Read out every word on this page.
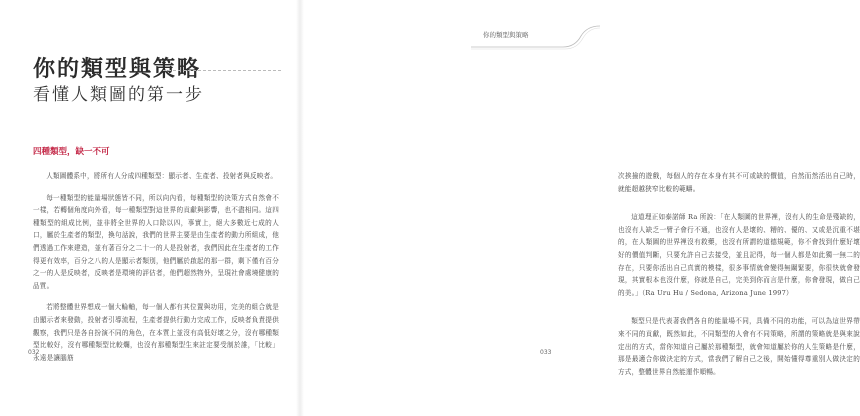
你的類型與策略
看懂人類圖的第一步
四種類型，缺一不可

人類圖體系中，將所有人分成四種類型：顯示者、生產者、投射者與反映者。

每一種類型的能量場狀態皆不同，所以向內看，每種類型的決策方式自然會不一樣，若轉個角度向外看，每一種類型對這世界的貢獻與影響，也不盡相同。這四種類型的組成比例，並非將全世界的人口除以四，事實上，絕大多數近七成的人口，屬於生產者的類型，換句話說，我們的世界主要是由生產者的動力所組成，他們透過工作來建造，並有著百分之二十一的人是投射者，我們因此在生產者的工作得更有效率，百分之八的人是顯示者類別，他們屬於啟起的那一群，剩下僅有百分之一的人是反映者，反映者是環境的評估者，他們超然物外，呈現社會處境健康的品質。

若將整體世界想成一個大輪軸，每一個人都有其位置與功用，完美的組合就是由顯示者來發動，投射者引導流程，生產者提供行動力完成工作，反映者負責提供觀察，我們只是各自扮演不同的角色，在本質上並沒有高低好壞之分，沒有哪種類型比較好，沒有哪種類型比較爛，也沒有那種類型生來註定要受制於誰，「比較」永遠是讓腦筋

032

次挨撿的遊戲，每個人的存在本身有其不可或缺的價值，自然而然活出自己時，就能超越狹窄比較的範疇。

這道理正如泰諾師 Ra 所說：「在人類圖的世界裡，沒有人的生命是殘缺的，也沒有人缺乏一臂子會行不通，也沒有人是壞的、糟的、優的、又或是沉重不堪的，在人類圖的世界裡沒有救藥，也沒有所謂的道德規範，你不會找到什麼好壞好的價值判斷，只要允許自己去接受，並且記得，每一個人都是如此獨一無二的存在，只要你活出自己真實的模樣，很多事情就會變得無關緊要，你很快就會發現，其實根本也沒什麼，你就是自己，完美到你而言是什麼，你會發現，做自己的美。」（Ra Uru Hu / Sedona, Arizona June 1997）

類型只是代表著我們各自的能量場不同，具備不同的功能，可以為這世界帶來不同的貢獻，既然如此，不同類型的人會有不同策略，所謂的策略就是與來說定出的方式，當你知道自己屬於那種類型，就會知道屬於你的人生策略是什麼，那是最適合你做決定的方式，當我們了解自己之後，開始懂得尊重別人做決定的方式，整體世界自然能運作順暢。

你的類型與策略
033
